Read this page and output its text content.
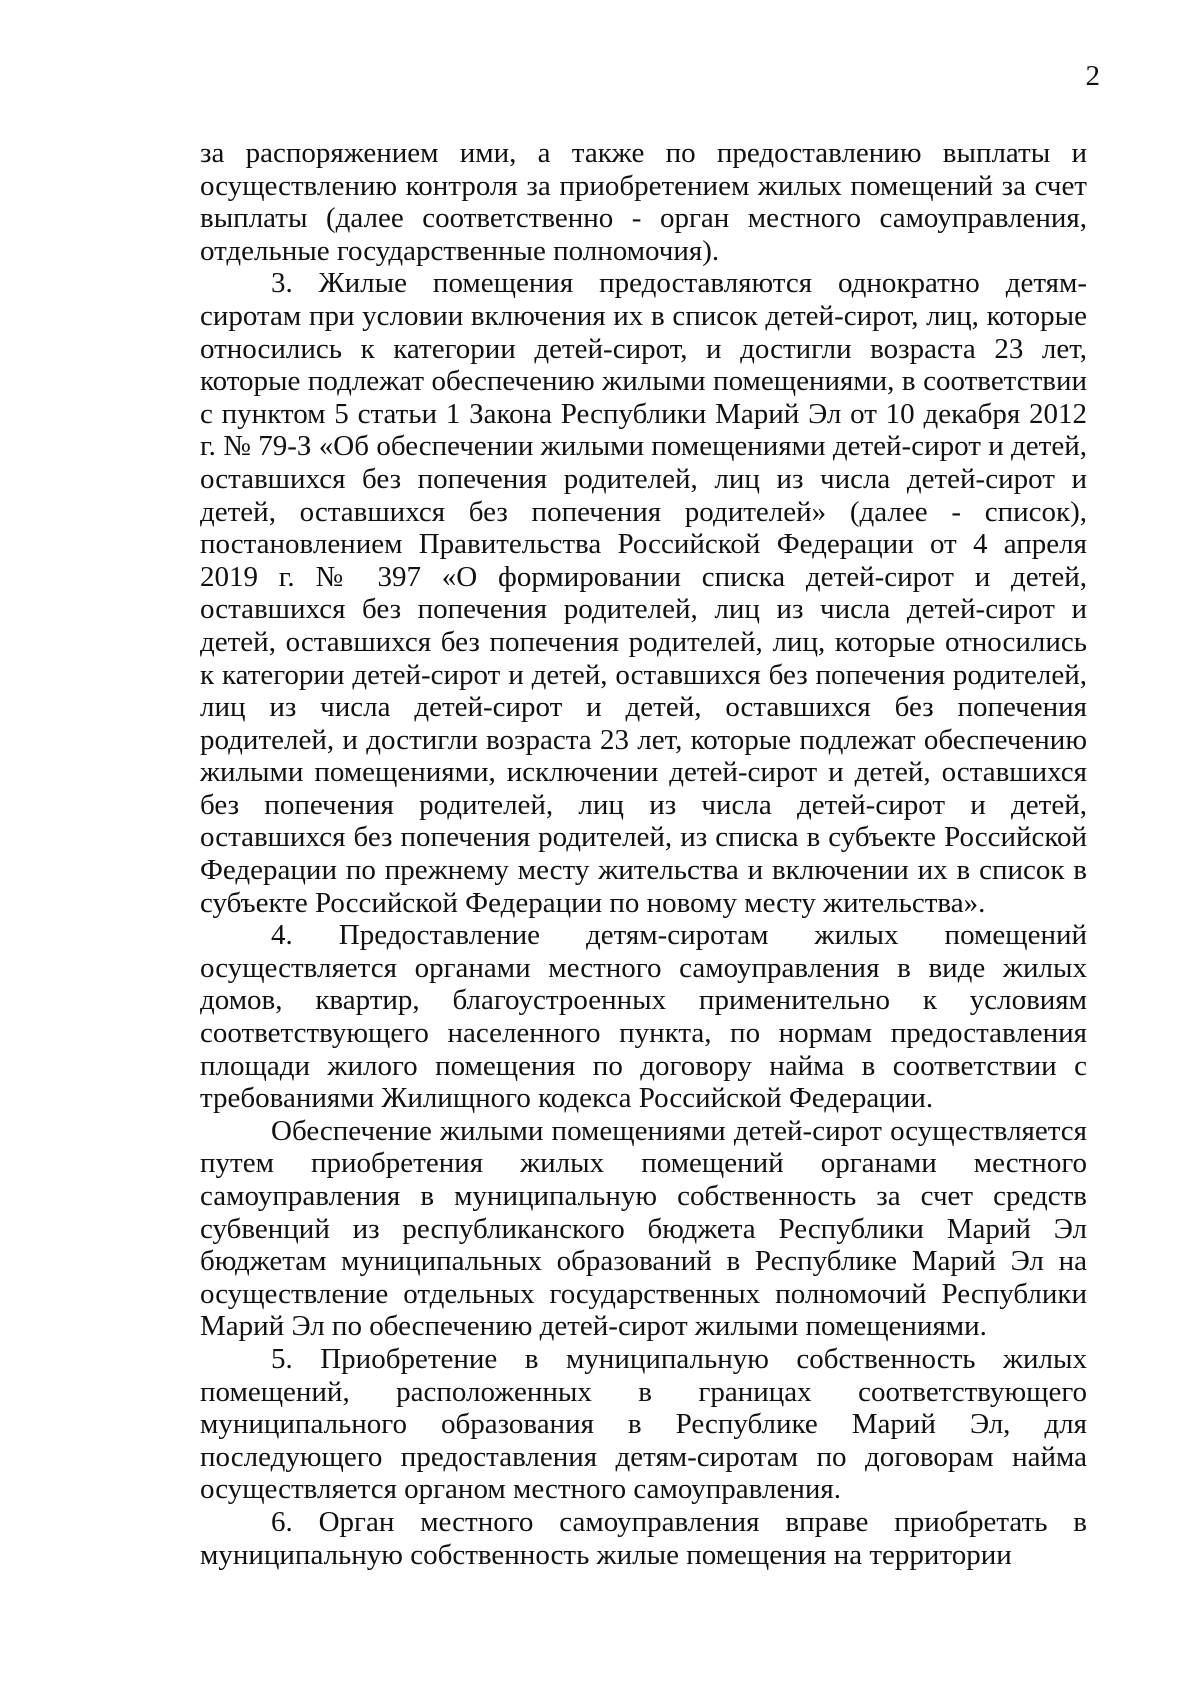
2

за распоряжением ими, а также по предоставлению выплаты и осуществлению контроля за приобретением жилых помещений за счет выплаты (далее соответственно - орган местного самоуправления, отдельные государственные полномочия).

3. Жилые помещения предоставляются однократно детям-сиротам при условии включения их в список детей-сирот, лиц, которые относились к категории детей-сирот, и достигли возраста 23 лет, которые подлежат обеспечению жилыми помещениями, в соответствии с пунктом 5 статьи 1 Закона Республики Марий Эл от 10 декабря 2012 г. № 79-З «Об обеспечении жилыми помещениями детей-сирот и детей, оставшихся без попечения родителей, лиц из числа детей-сирот и детей, оставшихся без попечения родителей» (далее - список), постановлением Правительства Российской Федерации от 4 апреля 2019 г. № 397 «О формировании списка детей-сирот и детей, оставшихся без попечения родителей, лиц из числа детей-сирот и детей, оставшихся без попечения родителей, лиц, которые относились к категории детей-сирот и детей, оставшихся без попечения родителей, лиц из числа детей-сирот и детей, оставшихся без попечения родителей, и достигли возраста 23 лет, которые подлежат обеспечению жилыми помещениями, исключении детей-сирот и детей, оставшихся без попечения родителей, лиц из числа детей-сирот и детей, оставшихся без попечения родителей, из списка в субъекте Российской Федерации по прежнему месту жительства и включении их в список в субъекте Российской Федерации по новому месту жительства».

4. Предоставление детям-сиротам жилых помещений осуществляется органами местного самоуправления в виде жилых домов, квартир, благоустроенных применительно к условиям соответствующего населенного пункта, по нормам предоставления площади жилого помещения по договору найма в соответствии с требованиями Жилищного кодекса Российской Федерации.

Обеспечение жилыми помещениями детей-сирот осуществляется путем приобретения жилых помещений органами местного самоуправления в муниципальную собственность за счет средств субвенций из республиканского бюджета Республики Марий Эл бюджетам муниципальных образований в Республике Марий Эл на осуществление отдельных государственных полномочий Республики Марий Эл по обеспечению детей-сирот жилыми помещениями.

5. Приобретение в муниципальную собственность жилых помещений, расположенных в границах соответствующего муниципального образования в Республике Марий Эл, для последующего предоставления детям-сиротам по договорам найма осуществляется органом местного самоуправления.

6. Орган местного самоуправления вправе приобретать в муниципальную собственность жилые помещения на территории
